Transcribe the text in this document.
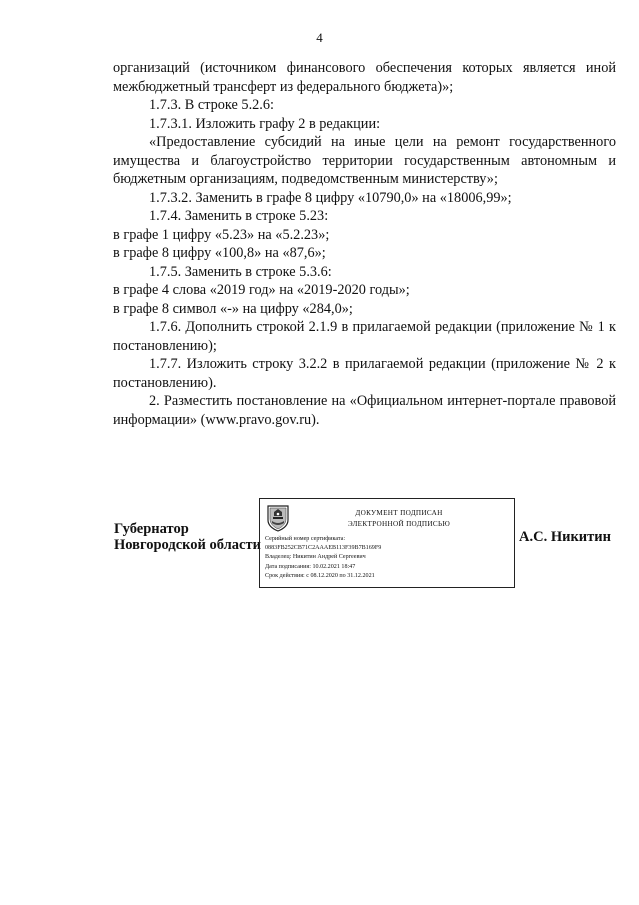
4

организаций (источником финансового обеспечения которых является иной межбюджетный трансферт из федерального бюджета)»;

1.7.3. В строке 5.2.6:

1.7.3.1. Изложить графу 2 в редакции:

«Предоставление субсидий на иные цели на ремонт государственного имущества и благоустройство территории государственным автономным и бюджетным организациям, подведомственным министерству»;

1.7.3.2. Заменить в графе 8 цифру «10790,0» на «18006,99»;

1.7.4. Заменить в строке 5.23:

в графе 1 цифру «5.23» на «5.2.23»;

в графе 8 цифру «100,8» на «87,6»;

1.7.5. Заменить в строке 5.3.6:

в графе 4 слова «2019 год» на «2019-2020 годы»;

в графе 8 символ «-» на цифру «284,0»;

1.7.6. Дополнить строкой 2.1.9 в прилагаемой редакции (приложение № 1 к постановлению);

1.7.7. Изложить строку 3.2.2 в прилагаемой редакции (приложение № 2 к постановлению).

2. Разместить постановление на «Официальном интернет-портале правовой информации» (www.pravo.gov.ru).

Губернатор
Новгородской области	А.С. Никитин
ДОКУМЕНТ ПОДПИСАН
ЭЛЕКТРОННОЙ ПОДПИСЬЮ
Серийный номер сертификата:
0883FB252CB71C2AAAEB113F39B7B169F9
Владелец: Никитин Андрей Сергеевич
Дата подписания: 10.02.2021 18:47
Срок действия: с 08.12.2020 по 31.12.2021
